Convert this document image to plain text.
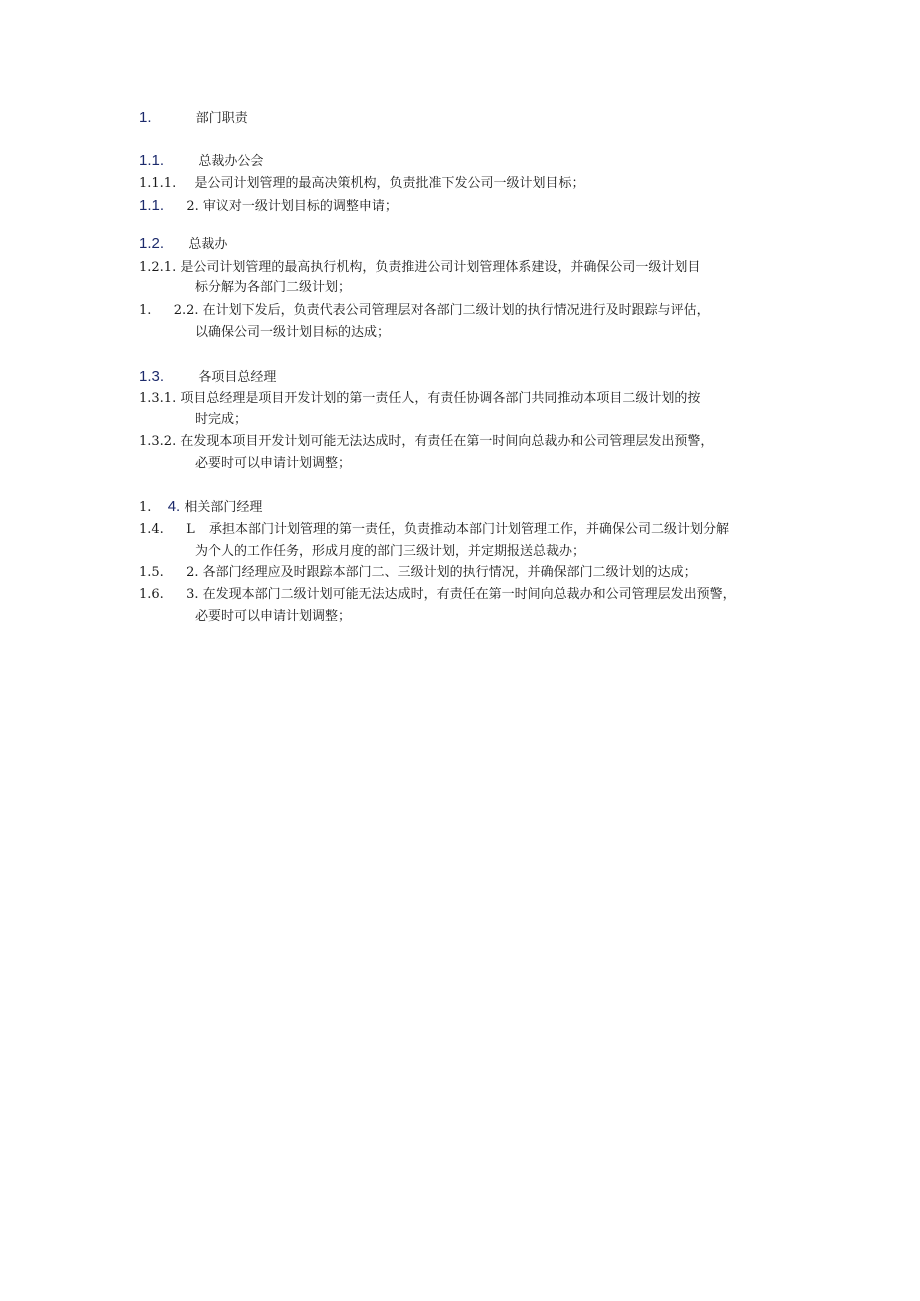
1.	部门职责
1.1.	总裁办公会
1.1.1. 是公司计划管理的最高决策机构，负责批准下发公司一级计划目标；
1.1. 2. 审议对一级计划目标的调整申请；
1.2. 总裁办
1.2.1. 是公司计划管理的最高执行机构，负责推进公司计划管理体系建设，并确保公司一级计划目
标分解为各部门二级计划；
1. 2.2. 在计划下发后，负责代表公司管理层对各部门二级计划的执行情况进行及时跟踪与评估，
以确保公司一级计划目标的达成；
1.3.	各项目总经理
1.3.1. 项目总经理是项目开发计划的第一责任人，有责任协调各部门共同推动本项目二级计划的按
时完成；
1.3.2. 在发现本项目开发计划可能无法达成时，有责任在第一时间向总裁办和公司管理层发出预警，
必要时可以申请计划调整；
1. 4. 相关部门经理
1.4. L 承担本部门计划管理的第一责任，负责推动本部门计划管理工作，并确保公司二级计划分解
为个人的工作任务，形成月度的部门三级计划，并定期报送总裁办；
1.5. 2. 各部门经理应及时跟踪本部门二、三级计划的执行情况，并确保部门二级计划的达成；
1.6. 3. 在发现本部门二级计划可能无法达成时，有责任在第一时间向总裁办和公司管理层发出预警，
必要时可以申请计划调整；
